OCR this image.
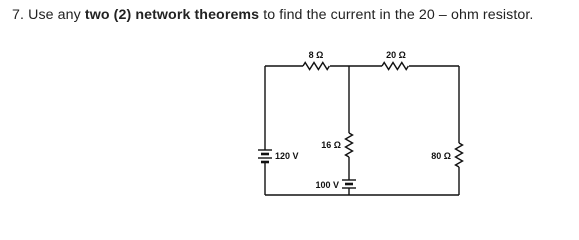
7. Use any two (2) network theorems to find the current in the 20 – ohm resistor.
8 Ω	20 Ω
16 Ω
80 Ω
120 V
100 V
